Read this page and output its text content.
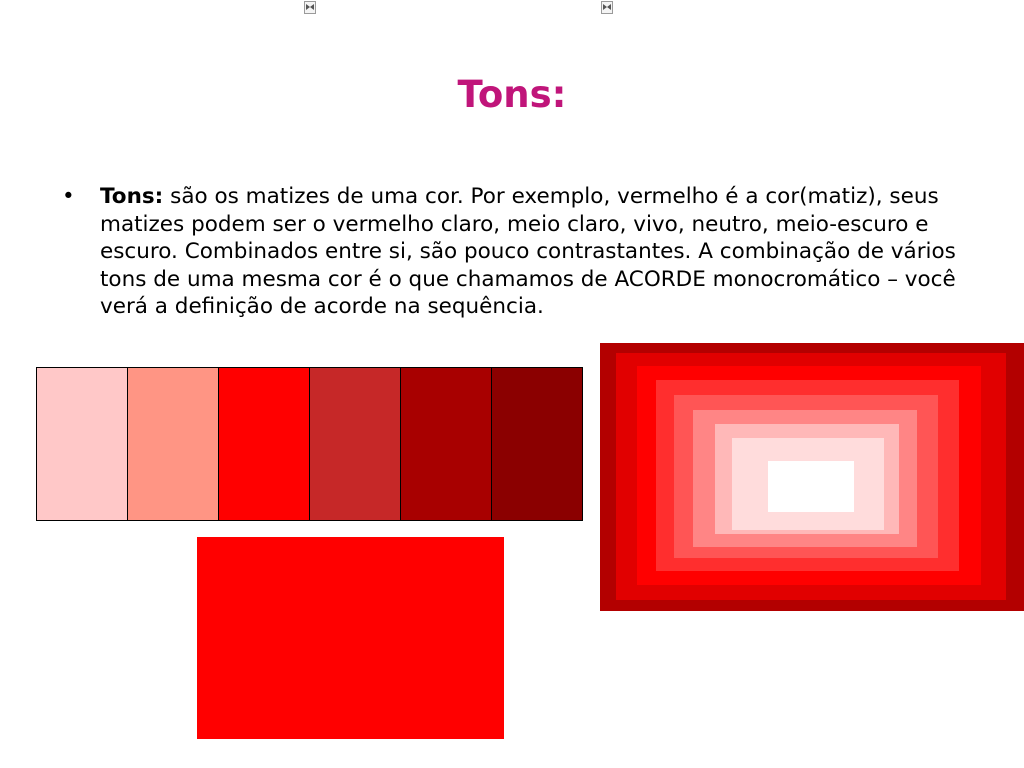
Tons:
• Tons: são os matizes de uma cor. Por exemplo, vermelho é a cor(matiz), seus matizes podem ser o vermelho claro, meio claro, vivo, neutro, meio-escuro e escuro. Combinados entre si, são pouco contrastantes. A combinação de vários tons de uma mesma cor é o que chamamos de ACORDE monocromático – você verá a definição de acorde na sequência.
